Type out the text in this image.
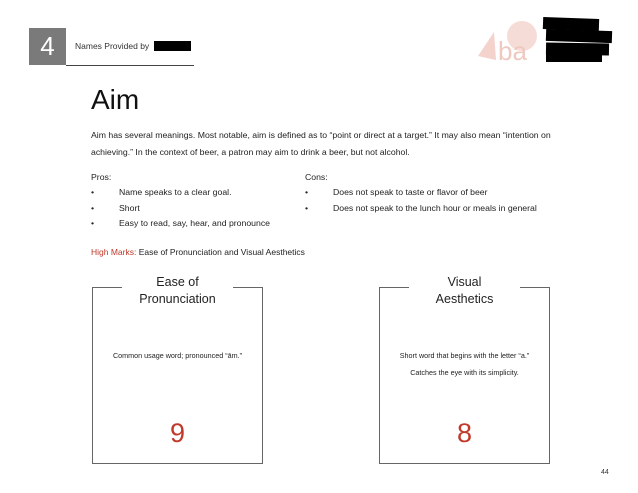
4	Names Provided by	ba
Aim
Aim has several meanings. Most notable, aim is defined as to “point or direct at a target.” It may also mean “intention on achieving.” In the context of beer, a patron may aim to drink a beer, but not alcohol.
Pros:
•	Name speaks to a clear goal.
•	Short
•	Easy to read, say, hear, and pronounce
Cons:
•	Does not speak to taste or flavor of beer
•	Does not speak to the lunch hour or meals in general
High Marks: Ease of Pronunciation and Visual Aesthetics
Ease of
Pronunciation
Common usage word; pronounced “ām.”
9
Visual
Aesthetics
Short word that begins with the letter “a.”
Catches the eye with its simplicity.
8
44
